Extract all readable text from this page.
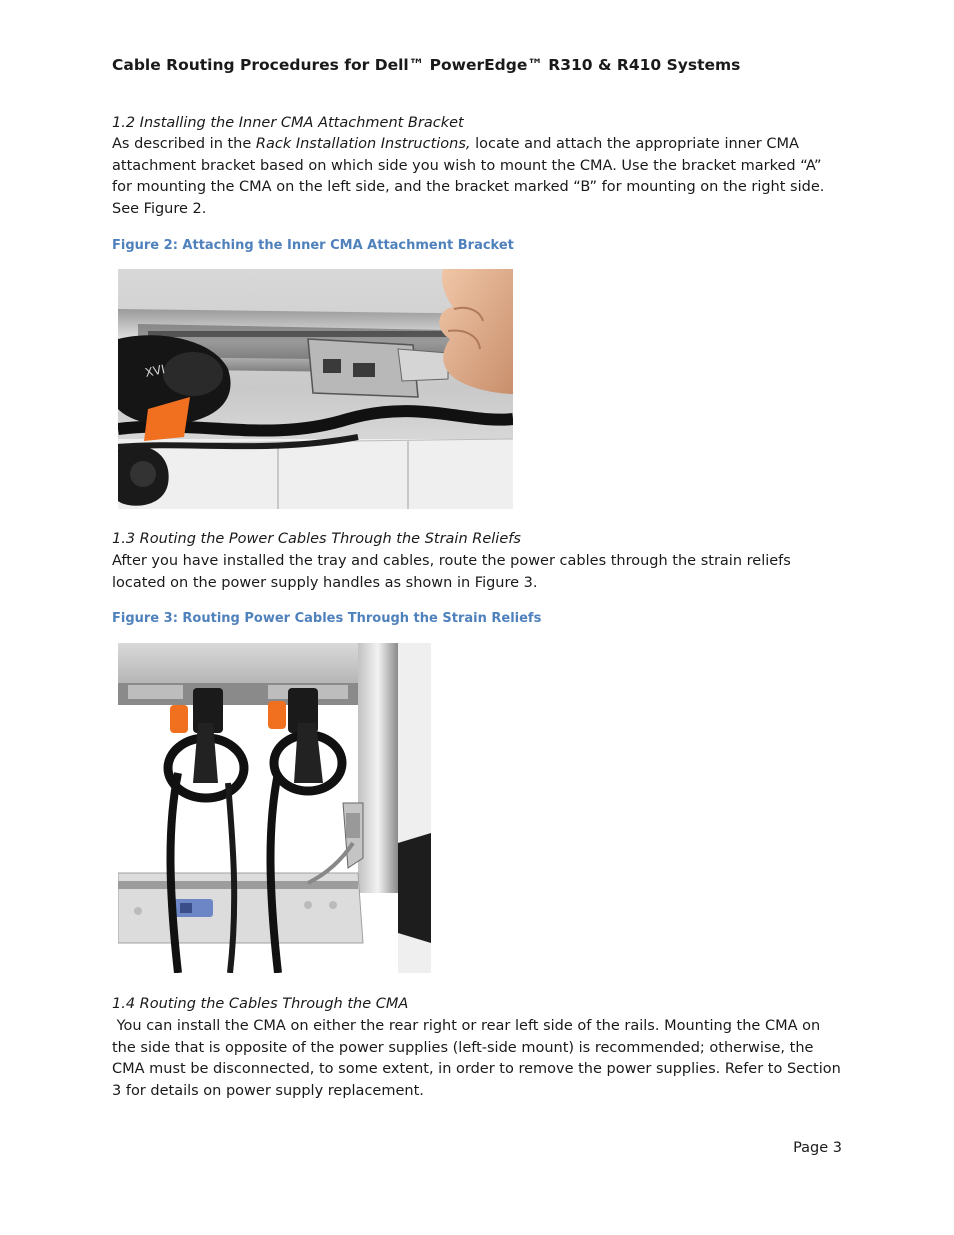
Cable Routing Procedures for Dell™ PowerEdge™ R310 & R410 Systems
1.2 Installing the Inner CMA Attachment Bracket
As described in the Rack Installation Instructions, locate and attach the appropriate inner CMA attachment bracket based on which side you wish to mount the CMA. Use the bracket marked “A” for mounting the CMA on the left side, and the bracket marked “B” for mounting on the right side. See Figure 2.
Figure 2: Attaching the Inner CMA Attachment Bracket
XVI
1.3 Routing the Power Cables Through the Strain Reliefs
After you have installed the tray and cables, route the power cables through the strain reliefs located on the power supply handles as shown in Figure 3.
Figure 3: Routing Power Cables Through the Strain Reliefs
1.4 Routing the Cables Through the CMA
You can install the CMA on either the rear right or rear left side of the rails. Mounting the CMA on the side that is opposite of the power supplies (left-side mount) is recommended; otherwise, the CMA must be disconnected, to some extent, in order to remove the power supplies. Refer to Section 3 for details on power supply replacement.
Page 3
